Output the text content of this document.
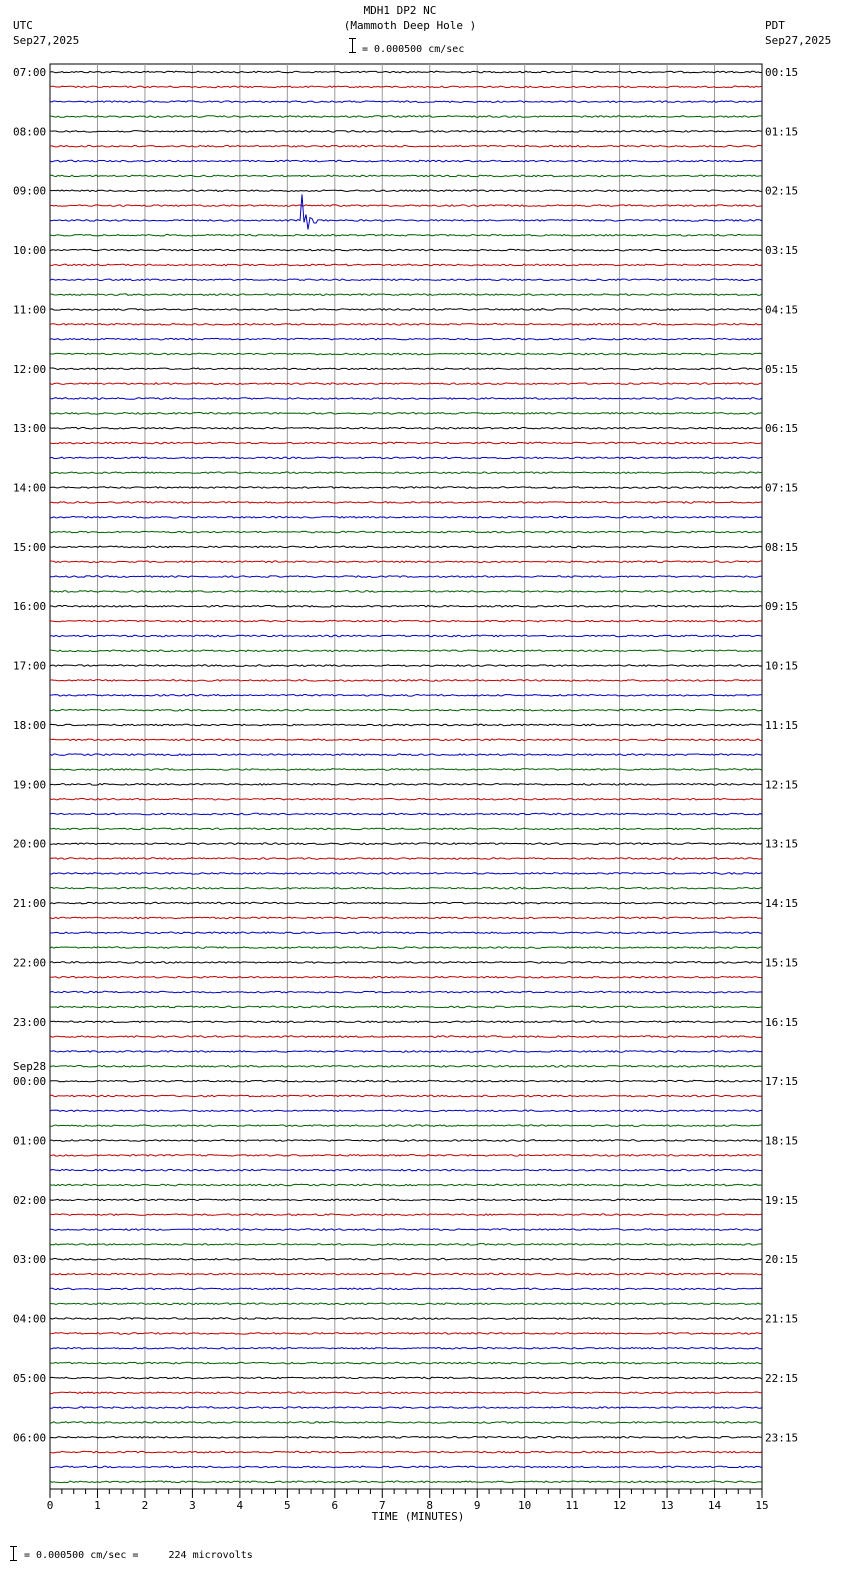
MDH1 DP2 NC
(Mammoth Deep Hole )
= 0.000500 cm/sec
UTC
Sep27,2025
PDT
Sep27,2025
07:00
08:00
09:00
10:00
11:00
12:00
13:00
14:00
15:00
16:00
17:00
18:00
19:00
20:00
21:00
22:00
23:00
00:00
Sep28
01:00
02:00
03:00
04:00
05:00
06:00
00:15
01:15
02:15
03:15
04:15
05:15
06:15
07:15
08:15
09:15
10:15
11:15
12:15
13:15
14:15
15:15
16:15
17:15
18:15
19:15
20:15
21:15
22:15
23:15
0	1	2	3	4	5	6	7	8	9	10	11	12	13	14	15
TIME (MINUTES)
= 0.000500 cm/sec =     224 microvolts
